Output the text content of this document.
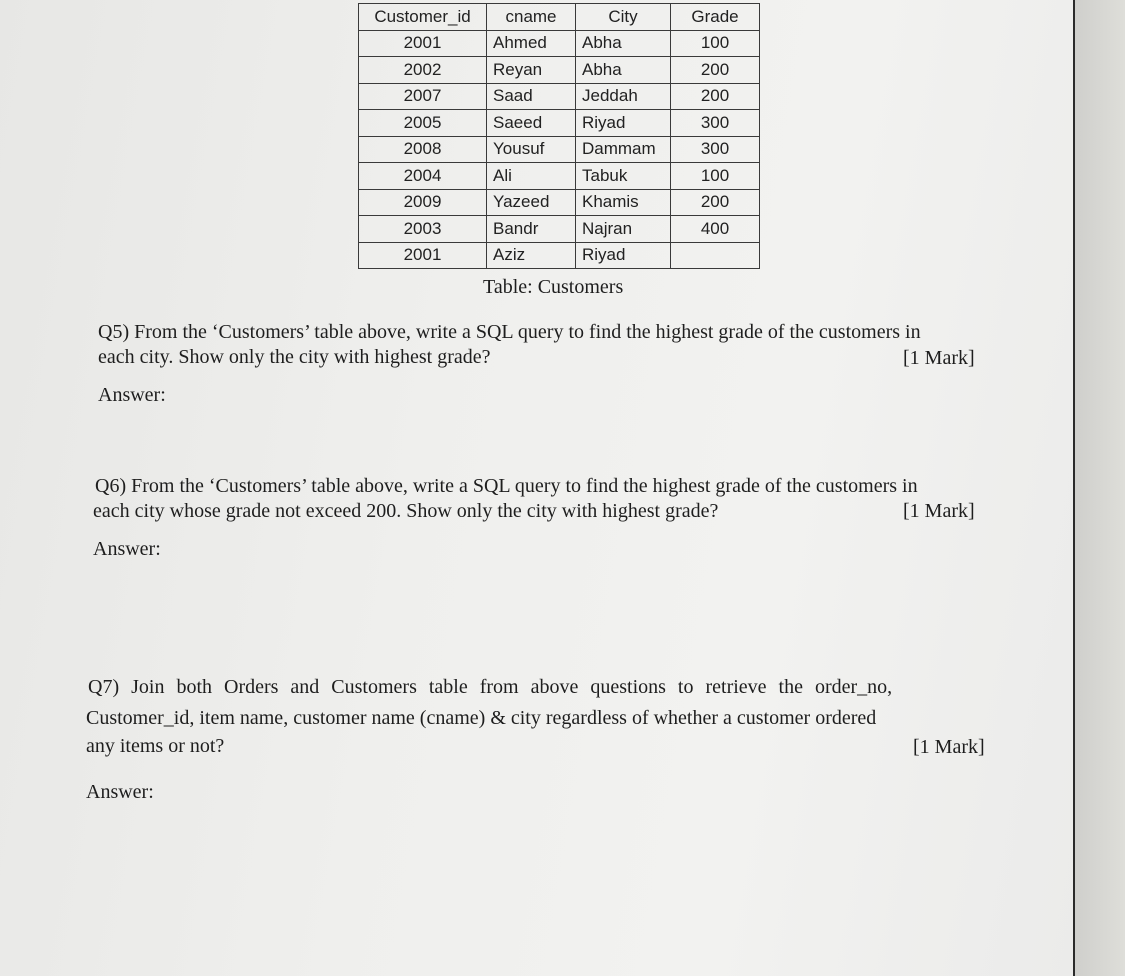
Customer_id	cname	City	Grade
2001	Ahmed	Abha	100
2002	Reyan	Abha	200
2007	Saad	Jeddah	200
2005	Saeed	Riyad	300
2008	Yousuf	Dammam	300
2004	Ali	Tabuk	100
2009	Yazeed	Khamis	200
2003	Bandr	Najran	400
2001	Aziz	Riyad	
Table: Customers
Q5) From the ‘Customers’ table above, write a SQL query to find the highest grade of the customers in
each city. Show only the city with highest grade?	[1 Mark]
Answer:
Q6) From the ‘Customers’ table above, write a SQL query to find the highest grade of the customers in
each city whose grade not exceed 200. Show only the city with highest grade?	[1 Mark]
Answer:
Q7) Join both Orders and Customers table from above questions to retrieve the order_no,
Customer_id, item name, customer name (cname) & city regardless of whether a customer ordered
any items or not?	[1 Mark]
Answer:
